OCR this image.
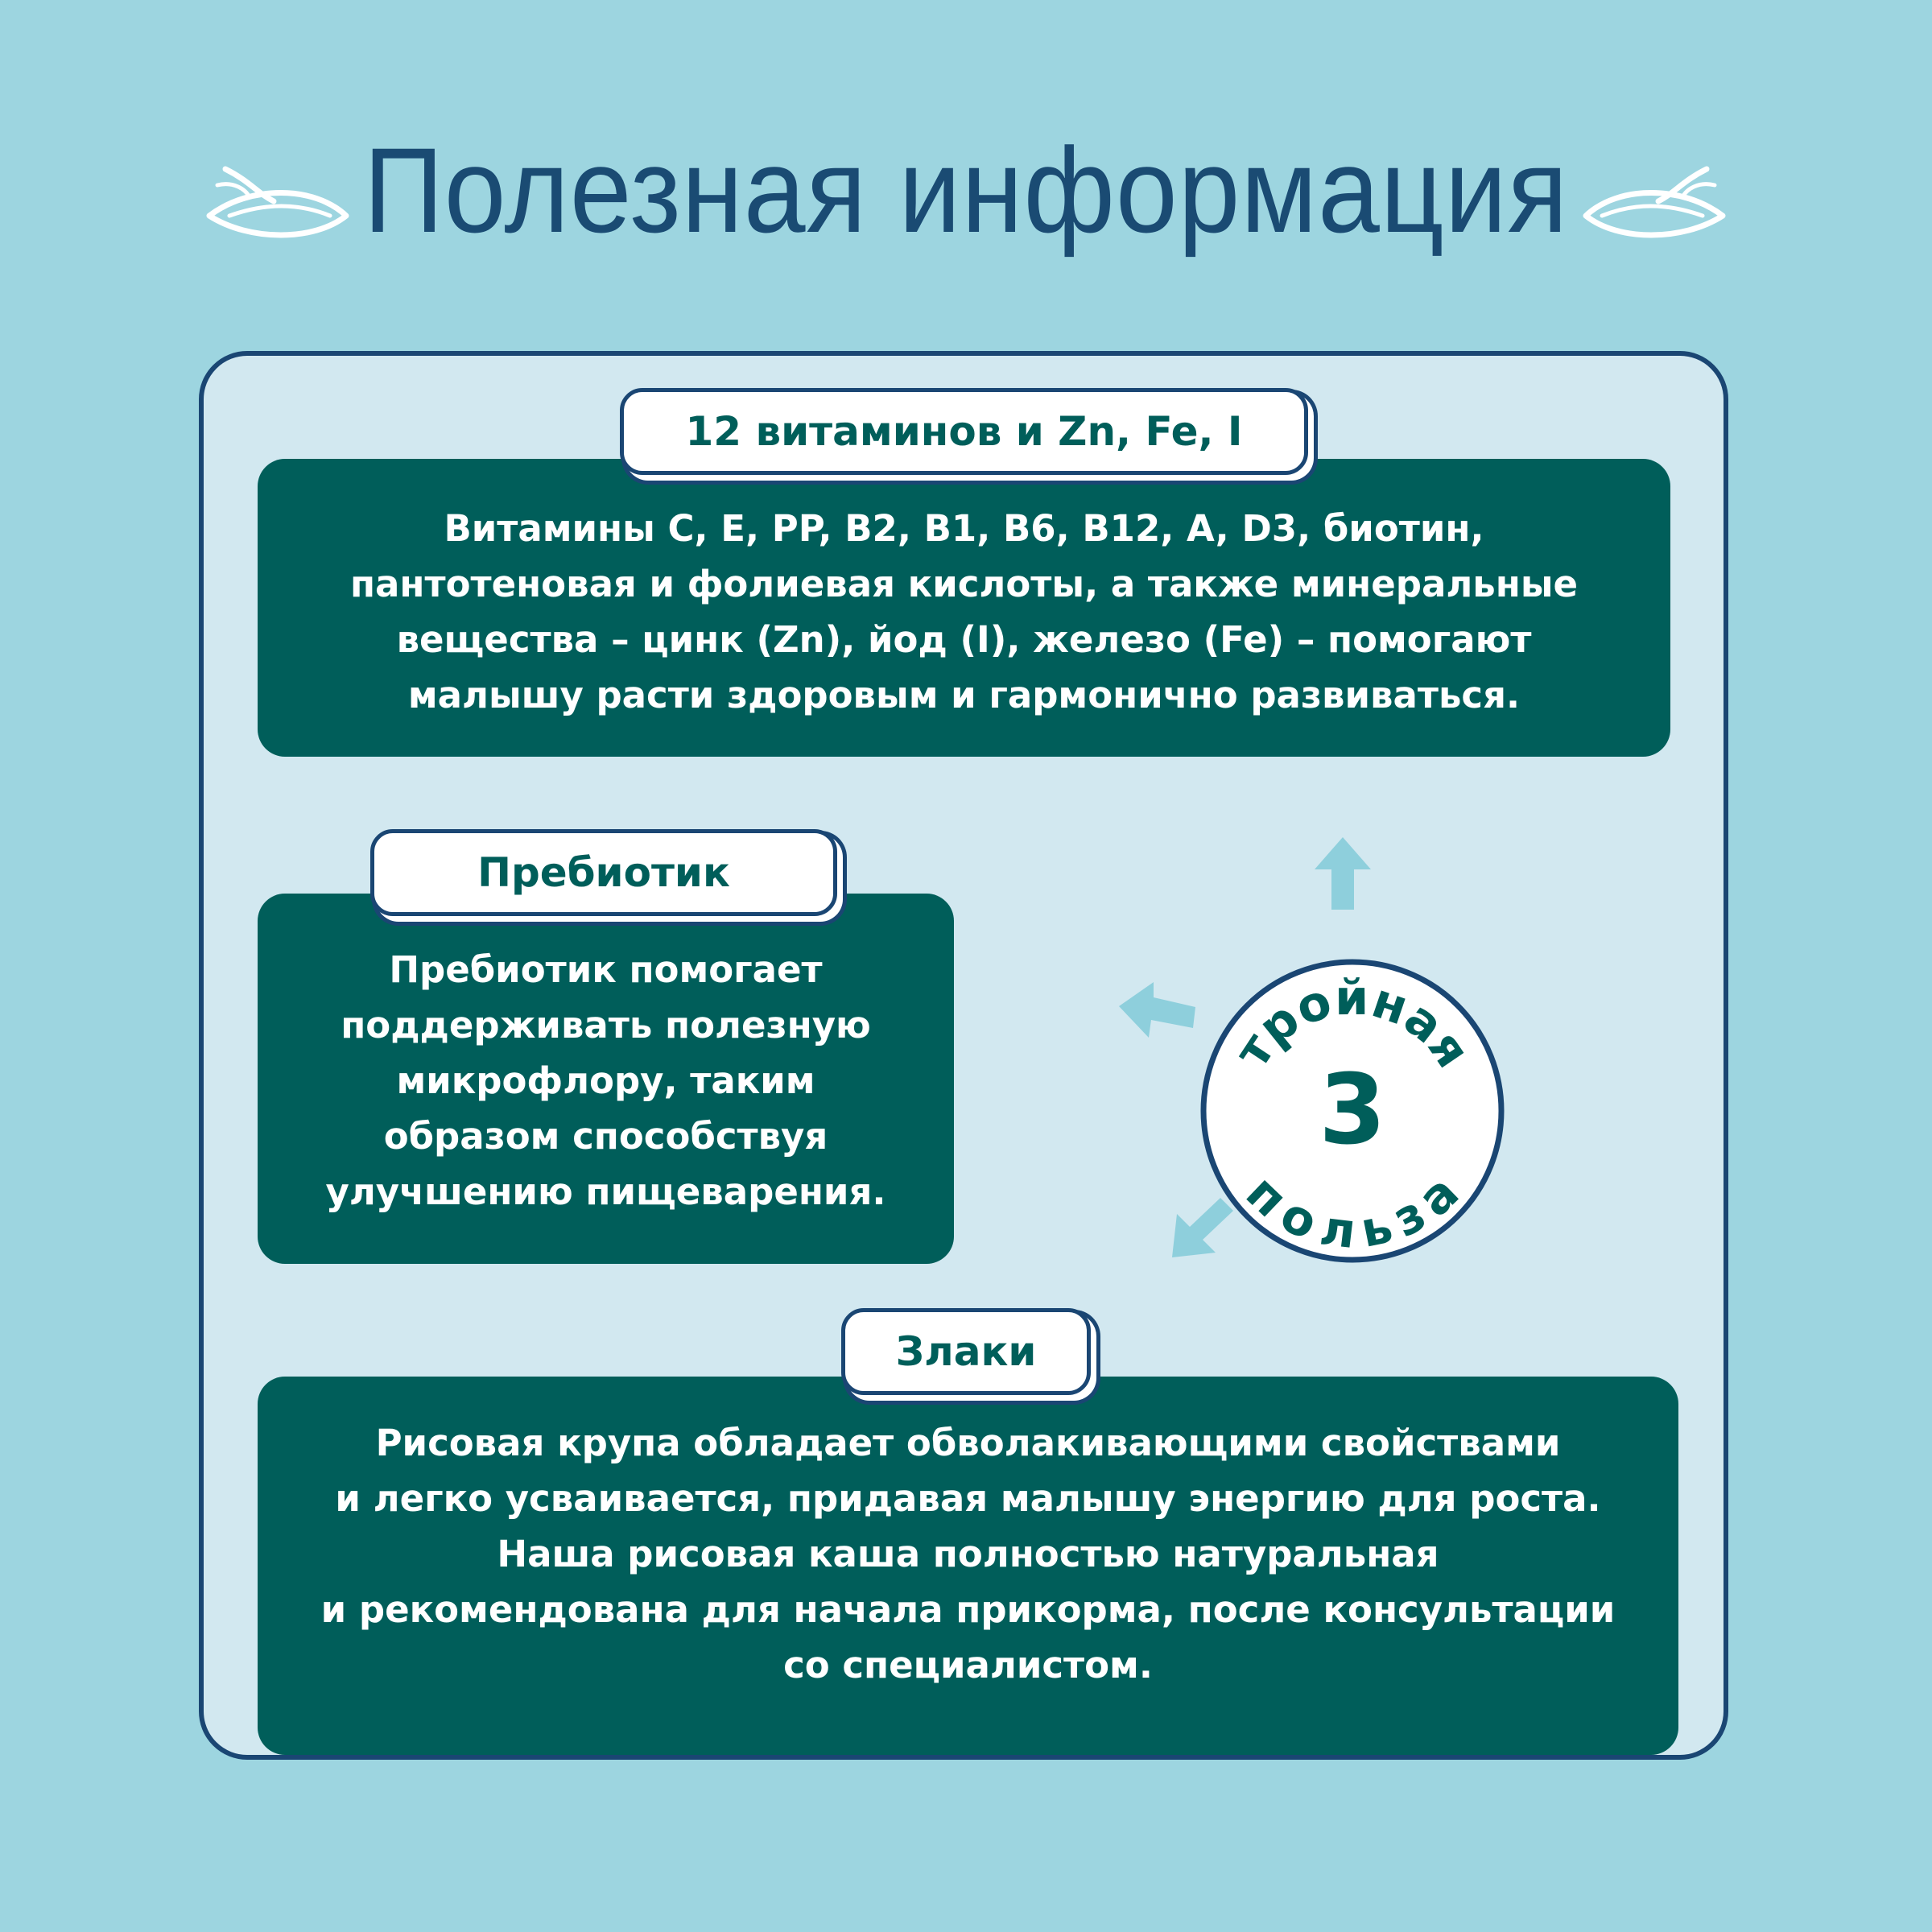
Полезная информация
Витамины C, E, PP, B2, B1, B6, B12, A, D3, биотин,
пантотеновая и фолиевая кислоты, а также минеральные
вещества – цинк (Zn), йод (I), железо (Fe) – помогают
малышу расти здоровым и гармонично развиваться.
12 витаминов и Zn, Fe, I
Пребиотик помогает
поддерживать полезную
микрофлору, таким
образом способствуя
улучшению пищеварения.
Пребиотик
тройная
3
польза
Рисовая крупа обладает обволакивающими свойствами
и легко усваивается, придавая малышу энергию для роста.
Наша рисовая каша полностью натуральная
и рекомендована для начала прикорма, после консультации
со специалистом.
Злаки
